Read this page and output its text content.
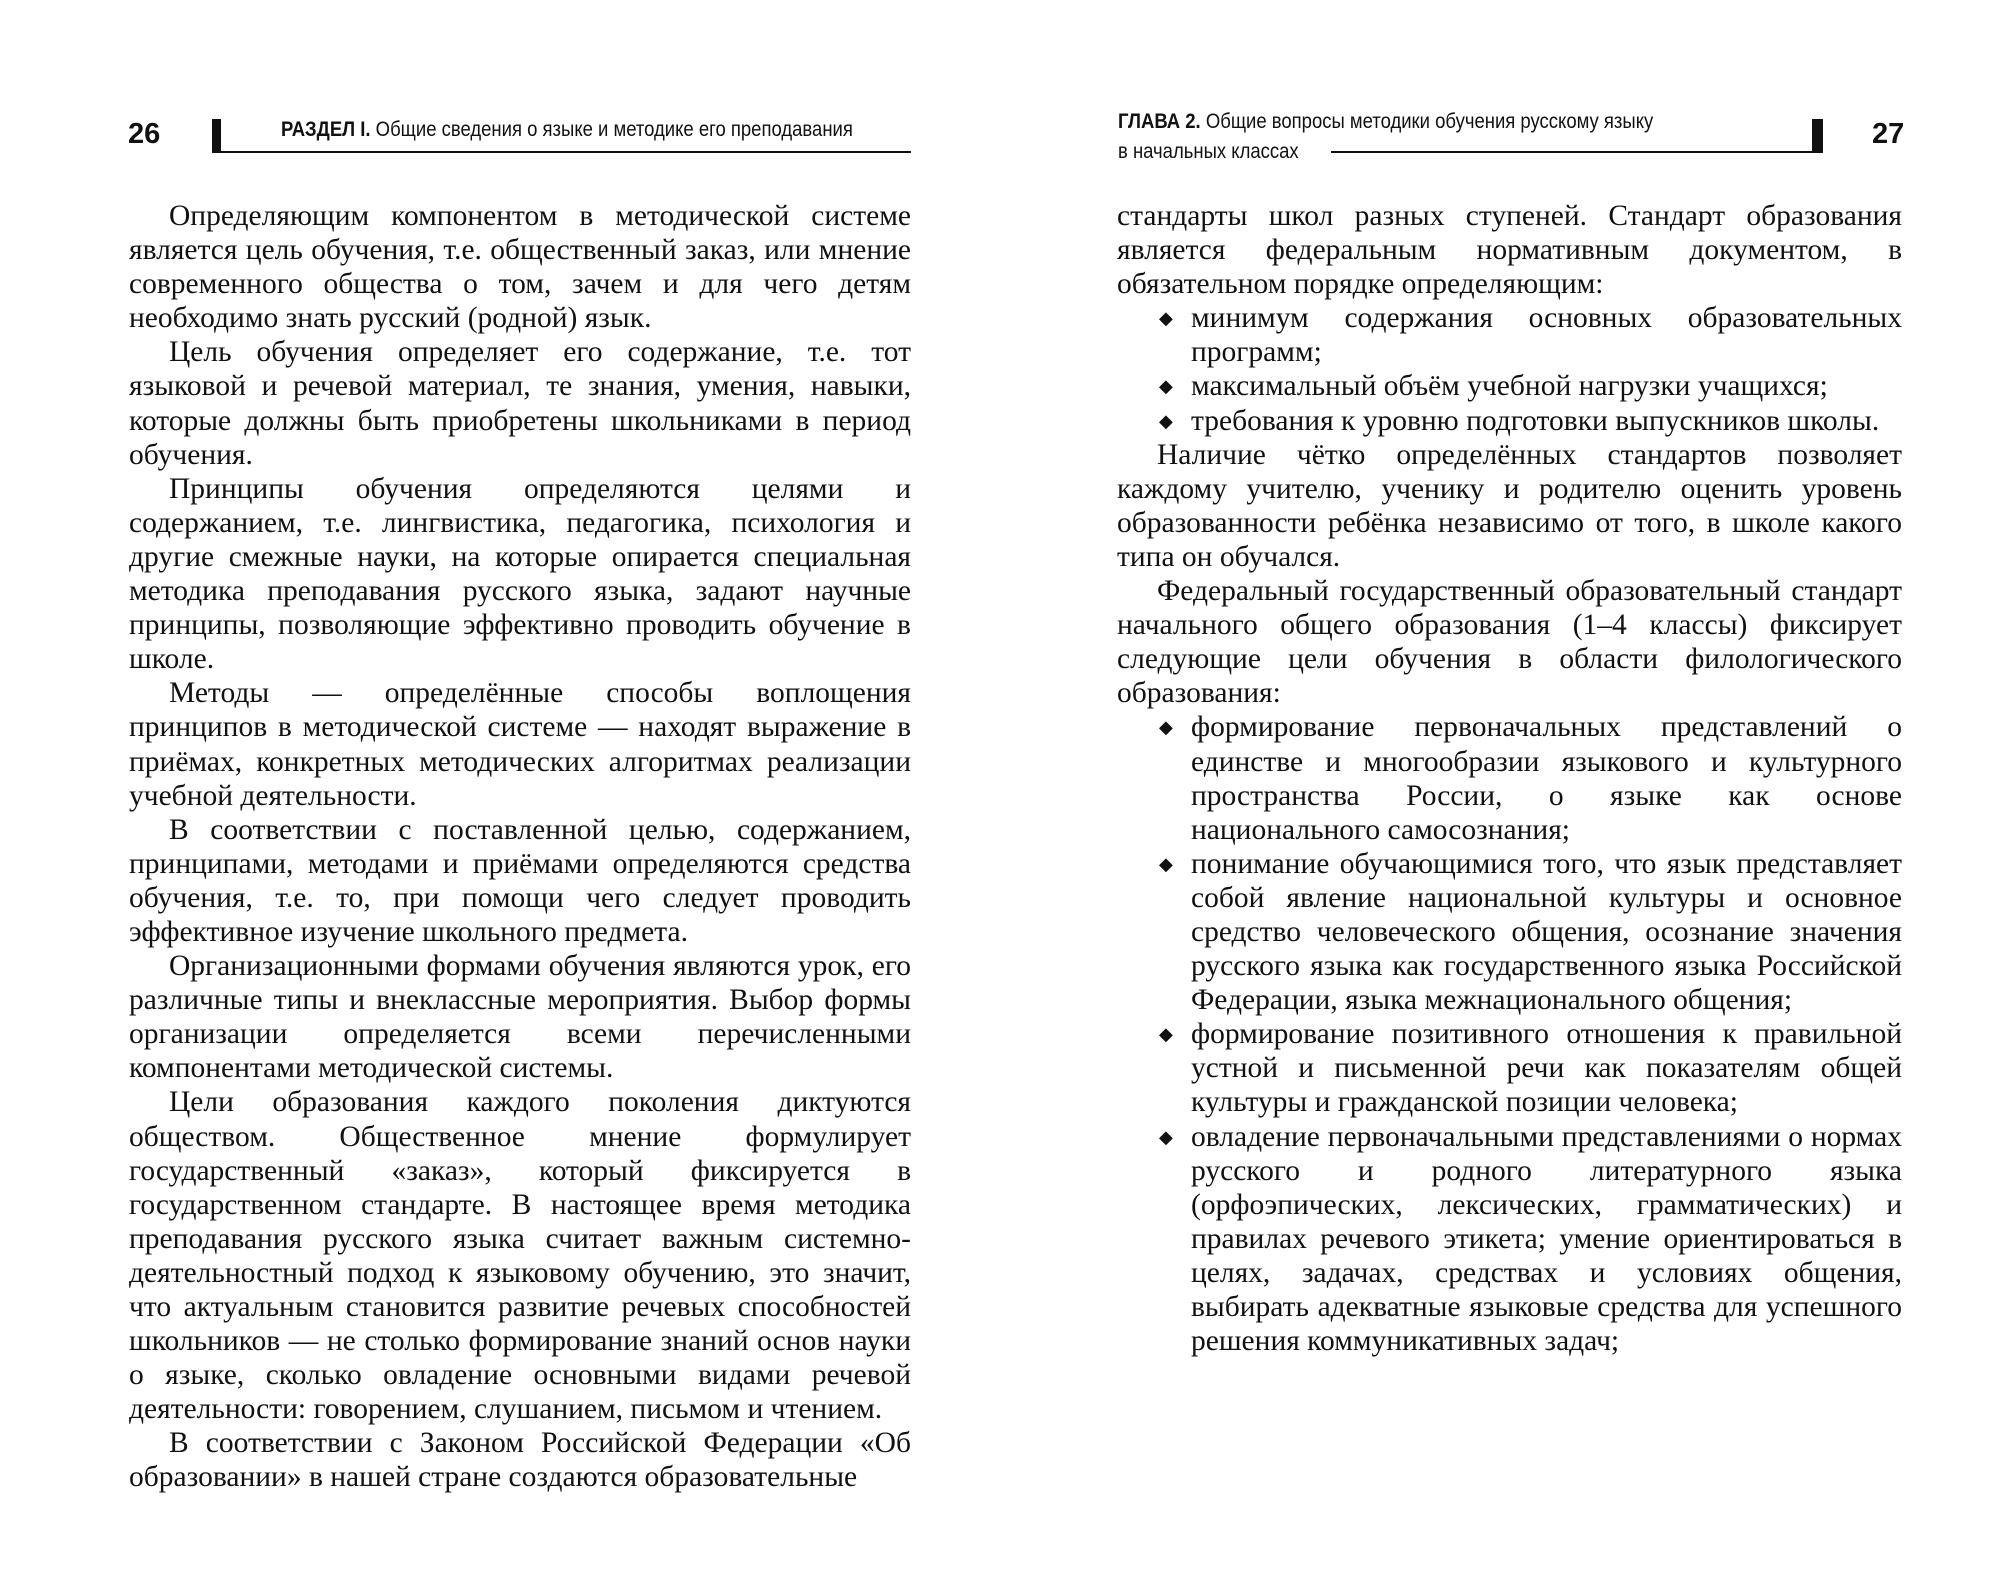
26	РАЗДЕЛ I. Общие сведения о языке и методике его преподавания

Определяющим компонентом в методической системе является цель обучения, т.е. общественный заказ, или мнение современного общества о том, зачем и для чего детям необходимо знать русский (родной) язык.

Цель обучения определяет его содержание, т.е. тот языковой и речевой материал, те знания, умения, навыки, которые должны быть приобретены школьниками в период обучения.

Принципы обучения определяются целями и содержанием, т.е. лингвистика, педагогика, психология и другие смежные науки, на которые опирается специальная методика преподавания русского языка, задают научные принципы, позволяющие эффективно проводить обучение в школе.

Методы — определённые способы воплощения принципов в методической системе — находят выражение в приёмах, конкретных методических алгоритмах реализации учебной деятельности.

В соответствии с поставленной целью, содержанием, принципами, методами и приёмами определяются средства обучения, т.е. то, при помощи чего следует проводить эффективное изучение школьного предмета.

Организационными формами обучения являются урок, его различные типы и внеклассные мероприятия. Выбор формы организации определяется всеми перечисленными компонентами методической системы.

Цели образования каждого поколения диктуются обществом. Общественное мнение формулирует государственный «заказ», который фиксируется в государственном стандарте. В настоящее время методика преподавания русского языка считает важным системно-деятельностный подход к языковому обучению, это значит, что актуальным становится развитие речевых способностей школьников — не столько формирование знаний основ науки о языке, сколько овладение основными видами речевой деятельности: говорением, слушанием, письмом и чтением.

В соответствии с Законом Российской Федерации «Об образовании» в нашей стране создаются образовательные

ГЛАВА 2. Общие вопросы методики обучения русскому языку
в начальных классах
27

стандарты школ разных ступеней. Стандарт образования является федеральным нормативным документом, в обязательном порядке определяющим:

◆ минимум содержания основных образовательных программ;
◆ максимальный объём учебной нагрузки учащихся;
◆ требования к уровню подготовки выпускников школы.

Наличие чётко определённых стандартов позволяет каждому учителю, ученику и родителю оценить уровень образованности ребёнка независимо от того, в школе какого типа он обучался.

Федеральный государственный образовательный стандарт начального общего образования (1–4 классы) фиксирует следующие цели обучения в области филологического образования:

◆ формирование первоначальных представлений о единстве и многообразии языкового и культурного пространства России, о языке как основе национального самосознания;
◆ понимание обучающимися того, что язык представляет собой явление национальной культуры и основное средство человеческого общения, осознание значения русского языка как государственного языка Российской Федерации, языка межнационального общения;
◆ формирование позитивного отношения к правильной устной и письменной речи как показателям общей культуры и гражданской позиции человека;
◆ овладение первоначальными представлениями о нормах русского и родного литературного языка (орфоэпических, лексических, грамматических) и правилах речевого этикета; умение ориентироваться в целях, задачах, средствах и условиях общения, выбирать адекватные языковые средства для успешного решения коммуникативных задач;
